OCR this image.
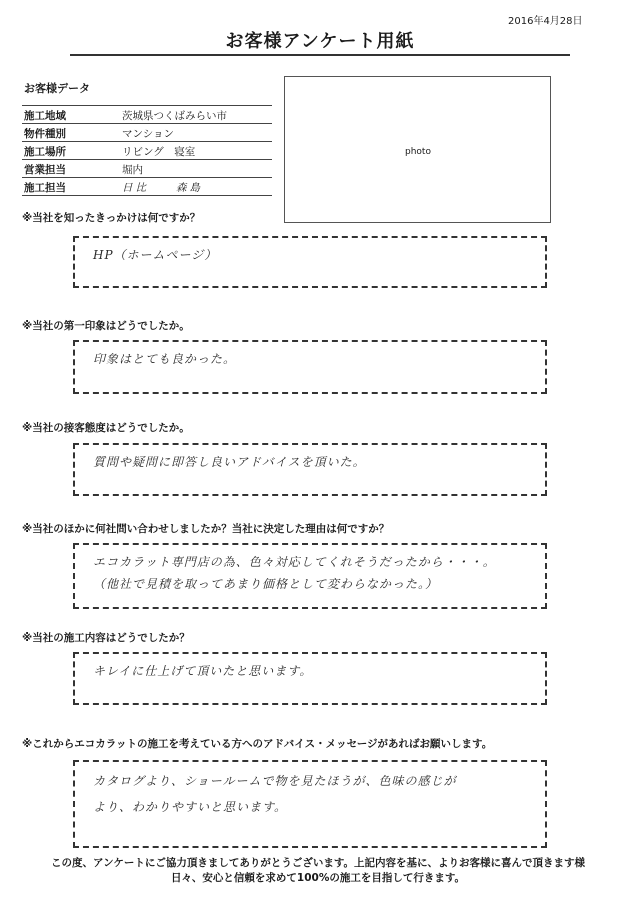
2016年4月28日
お客様アンケート用紙
お客様データ
施工地域	茨城県つくばみらい市
物件種別	マンション
施工場所	リビング　寝室
営業担当	堀内
施工担当	日比　　森島
photo
※当社を知ったきっかけは何ですか？
HP（ホームページ）
※当社の第一印象はどうでしたか。
印象はとても良かった。
※当社の接客態度はどうでしたか。
質問や疑問に即答し良いアドバイスを頂いた。
※当社のほかに何社問い合わせしましたか？当社に決定した理由は何ですか？
エコカラット専門店の為、色々対応してくれそうだったから・・・。
（他社で見積を取ってあまり価格として変わらなかった。）
※当社の施工内容はどうでしたか？
キレイに仕上げて頂いたと思います。
※これからエコカラットの施工を考えている方へのアドバイス・メッセージがあればお願いします。
カタログより、ショールームで物を見たほうが、色味の感じが
より、わかりやすいと思います。
この度、アンケートにご協力頂きましてありがとうございます。上記内容を基に、よりお客様に喜んで頂きます様
日々、安心と信頼を求めて100%の施工を目指して行きます。
